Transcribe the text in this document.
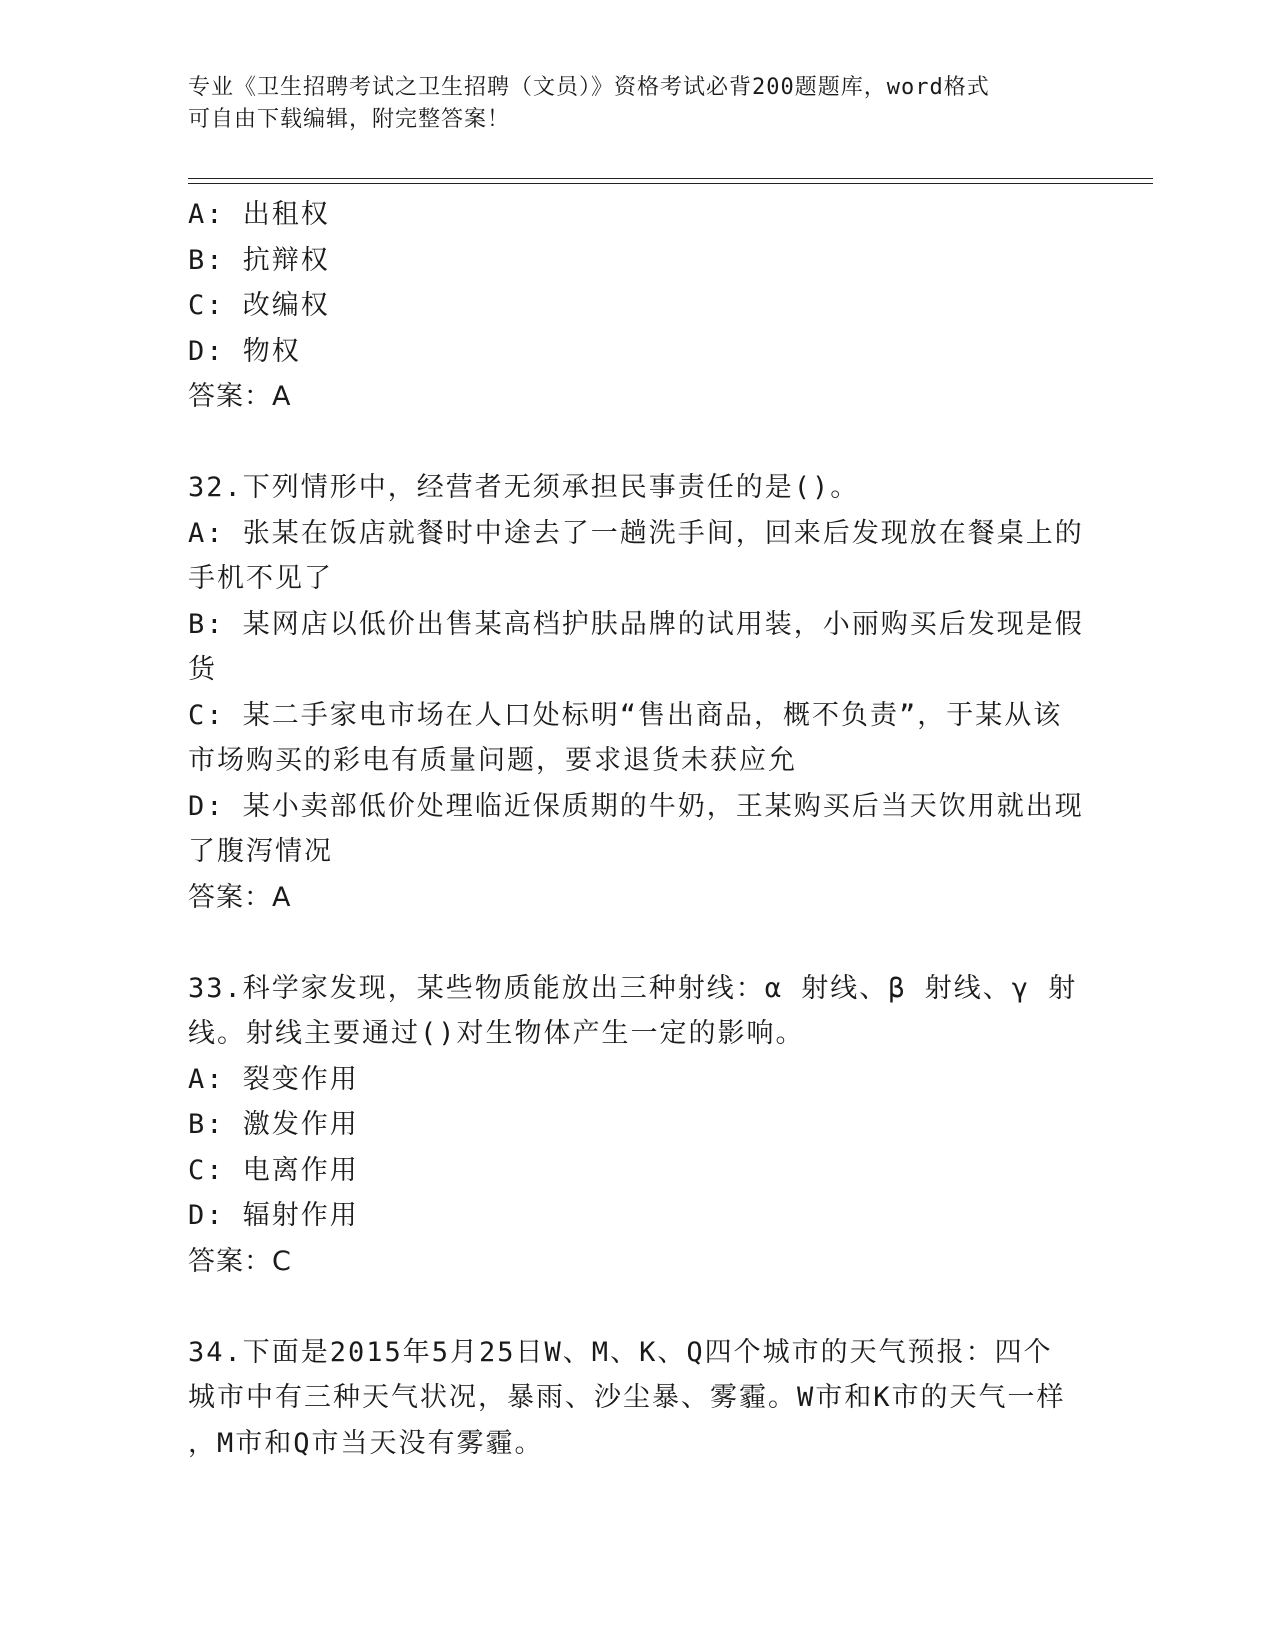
专业《卫生招聘考试之卫生招聘（文员）》资格考试必背200题题库，word格式
可自由下载编辑，附完整答案！

A: 出租权

B: 抗辩权

C: 改编权

D: 物权

答案：A

32.下列情形中，经营者无须承担民事责任的是()。

A: 张某在饭店就餐时中途去了一趟洗手间，回来后发现放在餐桌上的

手机不见了

B: 某网店以低价出售某高档护肤品牌的试用装，小丽购买后发现是假

货

C: 某二手家电市场在人口处标明“售出商品，概不负责”，于某从该

市场购买的彩电有质量问题，要求退货未获应允

D: 某小卖部低价处理临近保质期的牛奶，王某购买后当天饮用就出现

了腹泻情况

答案：A

33.科学家发现，某些物质能放出三种射线：α 射线、β 射线、γ 射

线。射线主要通过()对生物体产生一定的影响。

A: 裂变作用

B: 激发作用

C: 电离作用

D: 辐射作用

答案：C

34.下面是2015年5月25日W、M、K、Q四个城市的天气预报：四个

城市中有三种天气状况，暴雨、沙尘暴、雾霾。W市和K市的天气一样

，M市和Q市当天没有雾霾。
